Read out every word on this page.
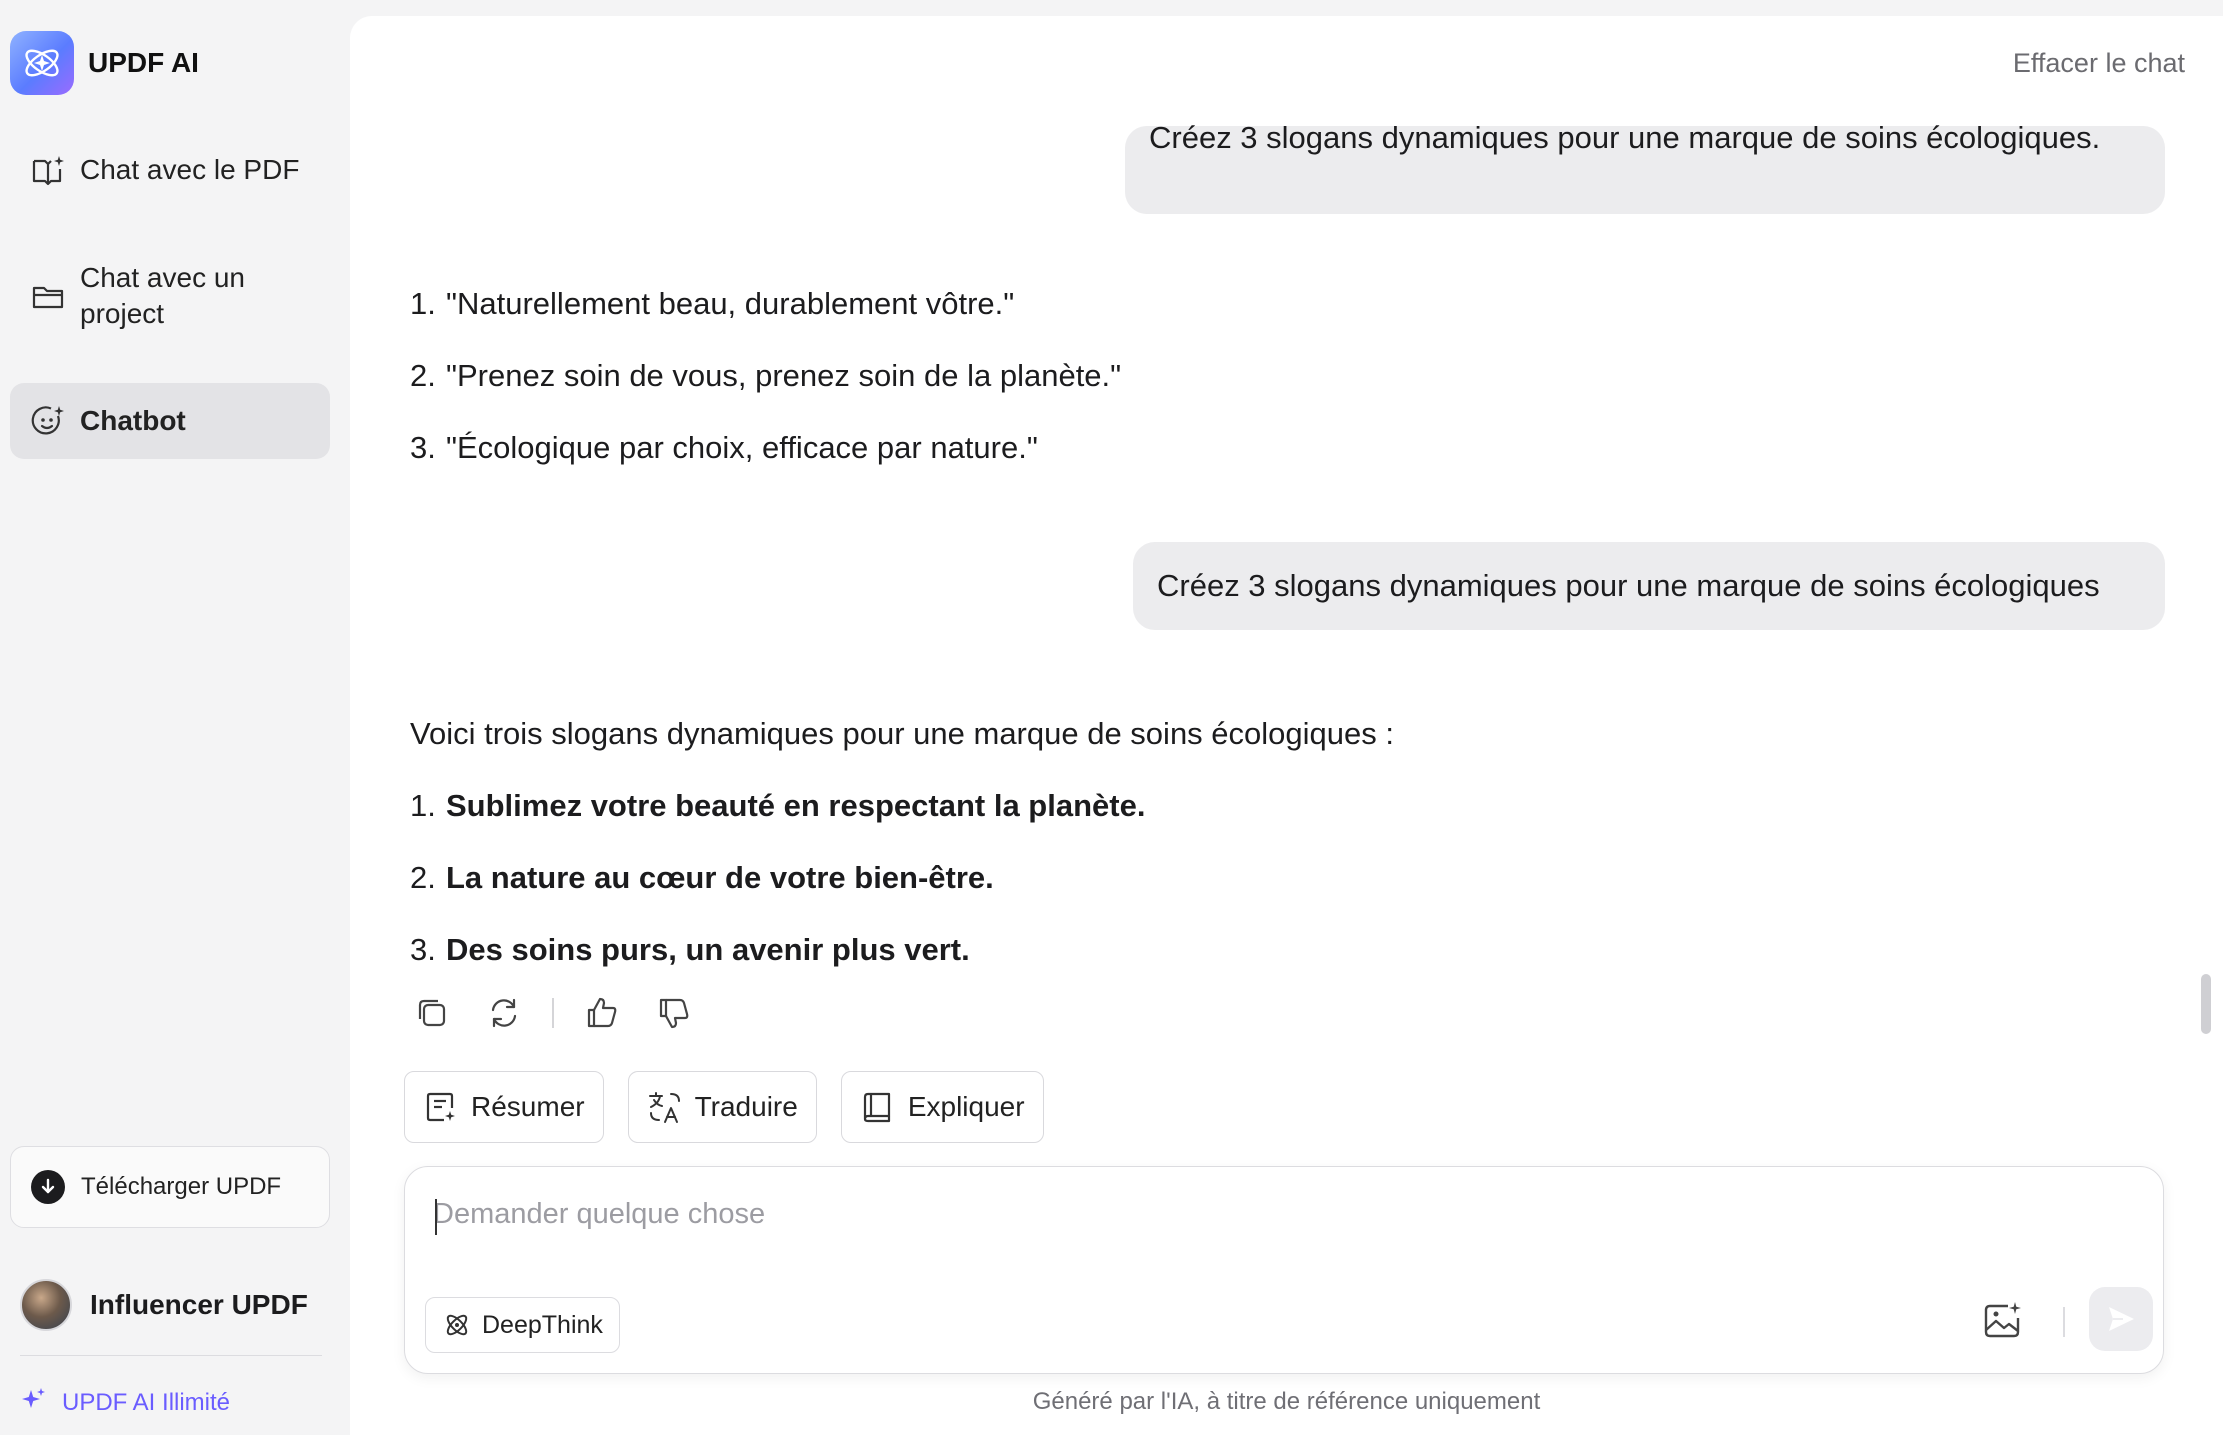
UPDF AI
Chat avec le PDF
Chat avec un
project
Chatbot
Télécharger UPDF
Influencer UPDF
UPDF AI Illimité
Effacer le chat
Créez 3 slogans dynamiques pour une marque de soins écologiques.
1. "Naturellement beau, durablement vôtre."
2. "Prenez soin de vous, prenez soin de la planète."
3. "Écologique par choix, efficace par nature."
Créez 3 slogans dynamiques pour une marque de soins écologiques
Voici trois slogans dynamiques pour une marque de soins écologiques :
1. Sublimez votre beauté en respectant la planète.
2. La nature au cœur de votre bien-être.
3. Des soins purs, un avenir plus vert.
Résumer	Traduire	Expliquer
Demander quelque chose
DeepThink
Généré par l'IA, à titre de référence uniquement
